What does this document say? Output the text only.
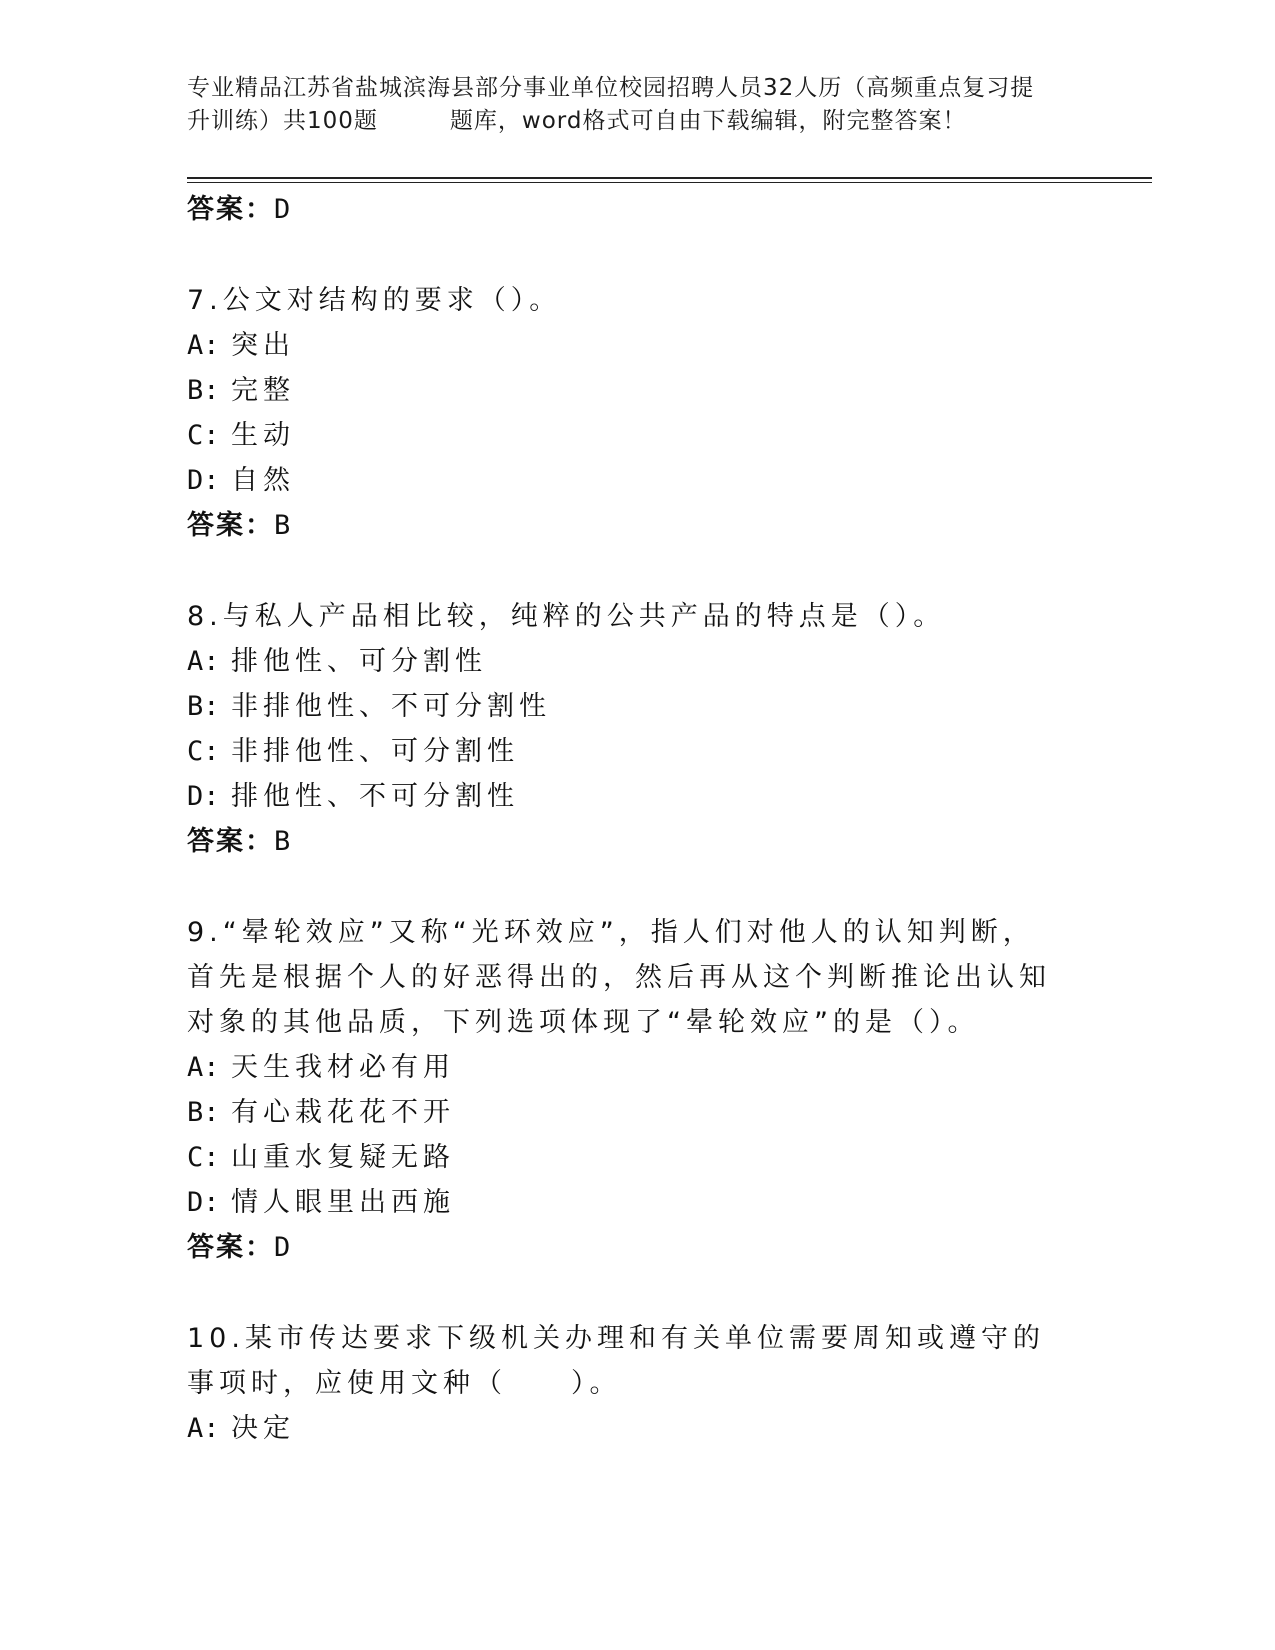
专业精品江苏省盐城滨海县部分事业单位校园招聘人员32人历（高频重点复习提
升训练）共100题	题库，word格式可自由下载编辑，附完整答案！
答案：D
7.公文对结构的要求（）。
A: 突出
B: 完整
C: 生动
D: 自然
答案：B
8.与私人产品相比较，纯粹的公共产品的特点是（）。
A: 排他性、可分割性
B: 非排他性、不可分割性
C: 非排他性、可分割性
D: 排他性、不可分割性
答案：B
9.“晕轮效应”又称“光环效应”，指人们对他人的认知判断，首先是根据个人的好恶得出的，然后再从这个判断推论出认知对象的其他品质，下列选项体现了“晕轮效应”的是（）。
A: 天生我材必有用
B: 有心栽花花不开
C: 山重水复疑无路
D: 情人眼里出西施
答案：D
10.某市传达要求下级机关办理和有关单位需要周知或遵守的事项时，应使用文种（　　）。
A: 决定
